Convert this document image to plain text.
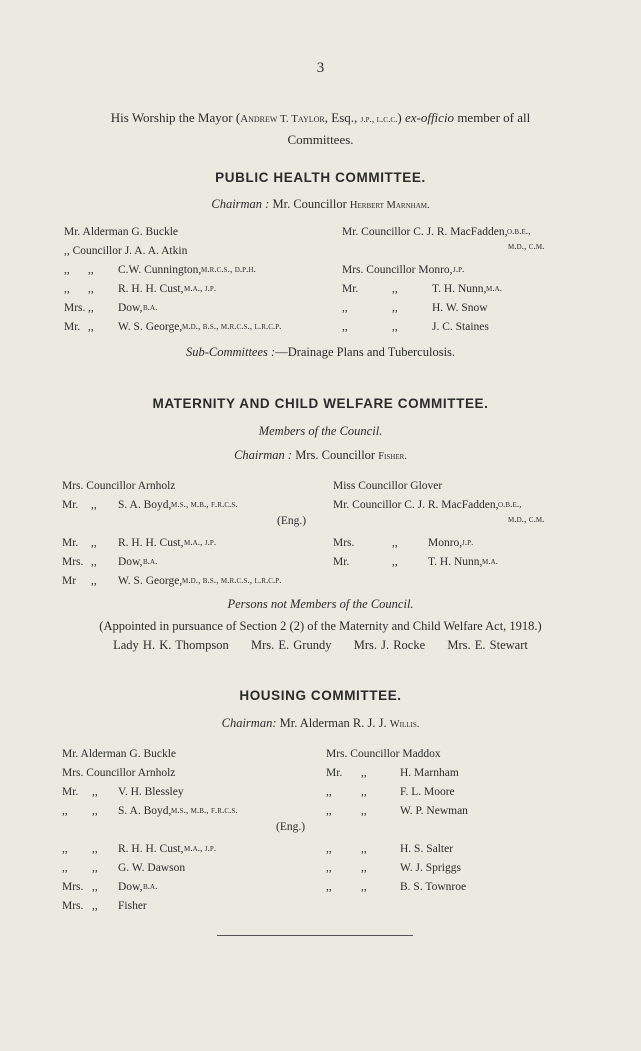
3
His Worship the Mayor (Andrew T. Taylor, Esq., j.p., l.c.c.) ex-officio member of all
Committees.
PUBLIC HEALTH COMMITTEE.
Chairman : Mr. Councillor Herbert Marnham.
Mr. Alderman G. Buckle
,, Councillor J. A. A. Atkin
,, ,, C.W. Cunnington, m.r.c.s., d.p.h.
,, ,, R. H. H. Cust, m.a., j.p.
Mrs. ,, Dow, b.a.
Mr. ,, W. S. George, m.d., b.s., m.r.c.s., l.r.c.p.
Mr. Councillor C. J. R. MacFadden, o.b.e.,
m.d., c.m.
Mrs. Councillor Monro, j.p.
Mr.	,,	T. H. Nunn, m.a.
,,	,,	H. W. Snow
,,	,,	J. C. Staines
Sub-Committees :—Drainage Plans and Tuberculosis.
MATERNITY AND CHILD WELFARE COMMITTEE.
Members of the Council.
Chairman : Mrs. Councillor Fisher.
Mrs. Councillor Arnholz
Mr. ,, S. A. Boyd, m.s., m.b., f.r.c.s.
(Eng.)
Mr. ,, R. H. H. Cust, m.a., j.p.
Mrs. ,, Dow, b.a.
Mr ,, W. S. George, m.d., b.s., m.r.c.s., l.r.c.p.
Miss Councillor Glover
Mr. Councillor C. J. R. MacFadden, o.b.e.,
m.d., c.m.
Mrs.	,,	Monro, j.p.
Mr.	,,	T. H. Nunn, m.a.
Persons not Members of the Council.
(Appointed in pursuance of Section 2 (2) of the Maternity and Child Welfare Act, 1918.)
Lady H. K. Thompson Mrs. E. Grundy Mrs. J. Rocke Mrs. E. Stewart
HOUSING COMMITTEE.
Chairman: Mr. Alderman R. J. J. Willis.
Mr. Alderman G. Buckle
Mrs. Councillor Arnholz
Mr. ,, V. H. Blessley
,, ,, S. A. Boyd, m.s., m.b., f.r.c.s.
(Eng.)
,, ,, R. H. H. Cust, m.a., j.p.
,, ,, G. W. Dawson
Mrs. ,, Dow, b.a.
Mrs. ,, Fisher
Mrs. Councillor Maddox
Mr. ,,	H. Marnham
,,	,,	F. L. Moore
,,	,,	W. P. Newman
,,	,,	H. S. Salter
,,	,,	W. J. Spriggs
,,	,,	B. S. Townroe
